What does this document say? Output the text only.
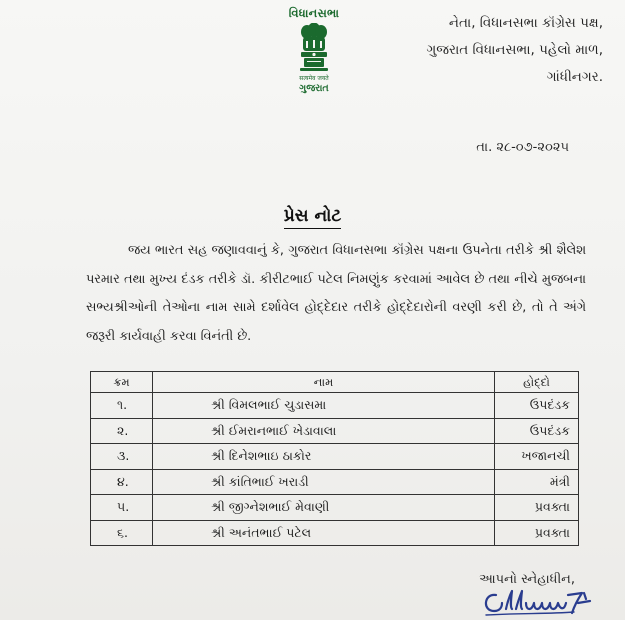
વિધાનસભા
सत्यमेव जयते
ગુજરાત
નેતા, વિધાનસભા કૉંગ્રેસ પક્ષ,
ગુજરાત વિધાનસભા, પહેલો માળ,
ગાંધીનગર.
તા. ૨૮-૦૭-૨૦૨૫
પ્રેસ નોટ

જય ભારત સહ જણાવવાનું કે, ગુજરાત વિધાનસભા કૉંગ્રેસ પક્ષના ઉપનેતા તરીકે શ્રી શૈલેશ પરમાર તથા મુખ્ય દંડક તરીકે ડૉ. કીરીટભાઈ પટેલ નિમણુંક કરવામાં આવેલ છે તથા નીચે મુજબના સભ્યશ્રીઓની તેઓના નામ સામે દર્શાવેલ હોદ્દેદાર તરીકે હોદ્દેદારોની વરણી કરી છે, તો તે અંગે જરૂરી કાર્યવાહી કરવા વિનંતી છે.

ક્રમ	નામ	હોદ્દો
૧.	શ્રી વિમલભાઈ ચુડાસમા	ઉપદંડક
૨.	શ્રી ઈમરાનભાઈ ખેડાવાલા	ઉપદંડક
૩.	શ્રી દિનેશભાઇ ઠાકોર	ખજાનચી
૪.	શ્રી કાંતિભાઈ ખરાડી	મંત્રી
૫.	શ્રી જીગ્નેશભાઈ મેવાણી	પ્રવક્તા
૬.	શ્રી અનંતભાઈ પટેલ	પ્રવક્તા
આપનો સ્નેહાધીન,
